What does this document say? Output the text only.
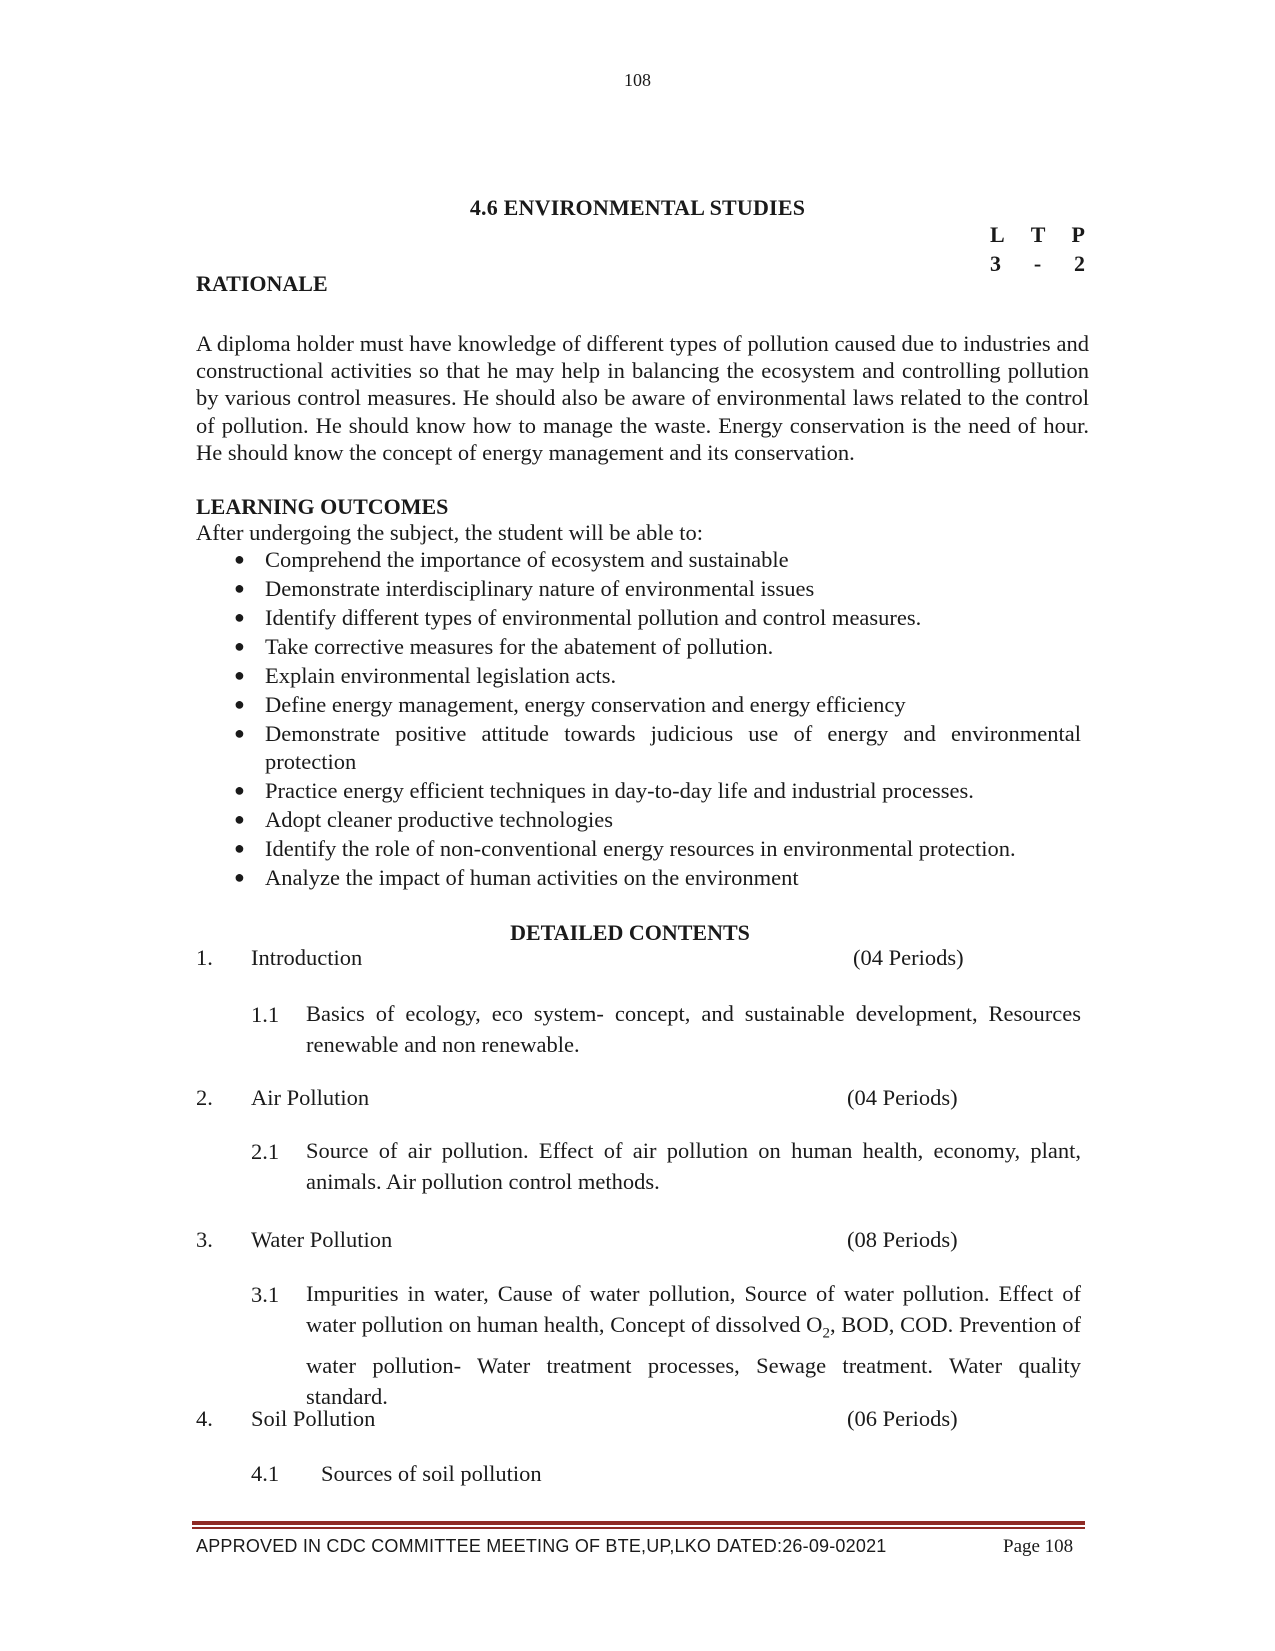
108
4.6 ENVIRONMENTAL STUDIES
L T P
3 - 2
RATIONALE
A diploma holder must have knowledge of different types of pollution caused due to industries and constructional activities so that he may help in balancing the ecosystem and controlling pollution by various control measures. He should also be aware of environmental laws related to the control of pollution. He should know how to manage the waste. Energy conservation is the need of hour. He should know the concept of energy management and its conservation.
LEARNING OUTCOMES
After undergoing the subject, the student will be able to:
● Comprehend the importance of ecosystem and sustainable
● Demonstrate interdisciplinary nature of environmental issues
● Identify different types of environmental pollution and control measures.
● Take corrective measures for the abatement of pollution.
● Explain environmental legislation acts.
● Define energy management, energy conservation and energy efficiency
● Demonstrate positive attitude towards judicious use of energy and environmental protection
● Practice energy efficient techniques in day-to-day life and industrial processes.
● Adopt cleaner productive technologies
● Identify the role of non-conventional energy resources in environmental protection.
● Analyze the impact of human activities on the environment
DETAILED CONTENTS
1. Introduction	(04 Periods)
1.1 Basics of ecology, eco system- concept, and sustainable development, Resources renewable and non renewable.
2. Air Pollution	(04 Periods)
2.1 Source of air pollution. Effect of air pollution on human health, economy, plant, animals. Air pollution control methods.
3. Water Pollution	(08 Periods)
3.1 Impurities in water, Cause of water pollution, Source of water pollution. Effect of water pollution on human health, Concept of dissolved $O_2$, BOD, COD. Prevention of water pollution- Water treatment processes, Sewage treatment. Water quality standard.
4. Soil Pollution	(06 Periods)
4.1 Sources of soil pollution
APPROVED IN CDC COMMITTEE MEETING OF BTE,UP,LKO DATED:26-09-02021	Page 108
